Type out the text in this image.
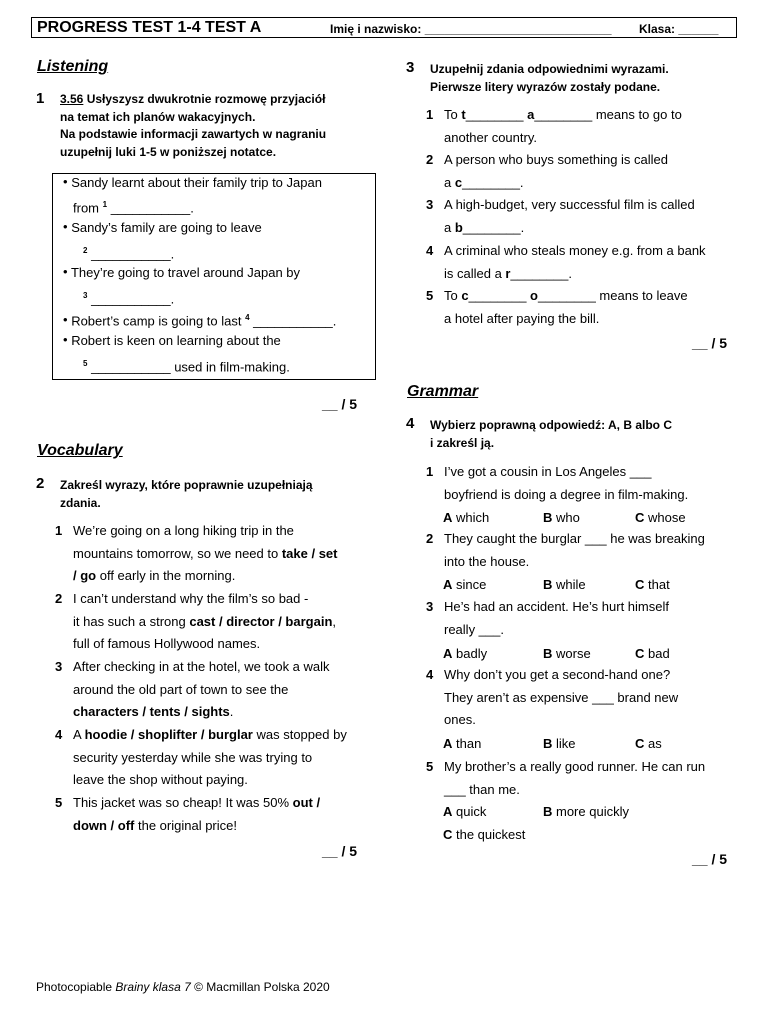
PROGRESS TEST 1-4 TEST A	Imię i nazwisko: ____________________________ Klasa: ______
Listening
1 3.56 Usłyszysz dwukrotnie rozmowę przyjaciół
na temat ich planów wakacyjnych.
Na podstawie informacji zawartych w nagraniu
uzupełnij luki 1-5 w poniższej notatce.
• Sandy learnt about their family trip to Japan
from $^1$ ___________.
• Sandy’s family are going to leave
$^2$ ___________.
• They’re going to travel around Japan by
$^3$ ___________.
• Robert’s camp is going to last $^4$ ___________.
• Robert is keen on learning about the
$^5$ ___________ used in film-making.
__ / 5
Vocabulary
2 Zakreśl wyrazy, które poprawnie uzupełniają
zdania.
1 We’re going on a long hiking trip in the
mountains tomorrow, so we need to take / set
/ go off early in the morning.
2 I can’t understand why the film’s so bad -
it has such a strong cast / director / bargain,
full of famous Hollywood names.
3 After checking in at the hotel, we took a walk
around the old part of town to see the
characters / tents / sights.
4 A hoodie / shoplifter / burglar was stopped by
security yesterday while she was trying to
leave the shop without paying.
5 This jacket was so cheap! It was 50% out /
down / off the original price!
__ / 5
3 Uzupełnij zdania odpowiednimi wyrazami.
Pierwsze litery wyrazów zostały podane.
1 To t________ a________ means to go to
another country.
2 A person who buys something is called
a c________.
3 A high-budget, very successful film is called
a b________.
4 A criminal who steals money e.g. from a bank
is called a r________.
5 To c________ o________ means to leave
a hotel after paying the bill.
__ / 5
Grammar
4 Wybierz poprawną odpowiedź: A, B albo C
i zakreśl ją.
1 I’ve got a cousin in Los Angeles ___
boyfriend is doing a degree in film-making.
A which	B who	C whose
2 They caught the burglar ___ he was breaking
into the house.
A since	B while	C that
3 He’s had an accident. He’s hurt himself
really ___.
A badly	B worse	C bad
4 Why don’t you get a second-hand one?
They aren’t as expensive ___ brand new
ones.
A than	B like	C as
5 My brother’s a really good runner. He can run
___ than me.
A quick	B more quickly
C the quickest
__ / 5
Photocopiable Brainy klasa 7 © Macmillan Polska 2020
